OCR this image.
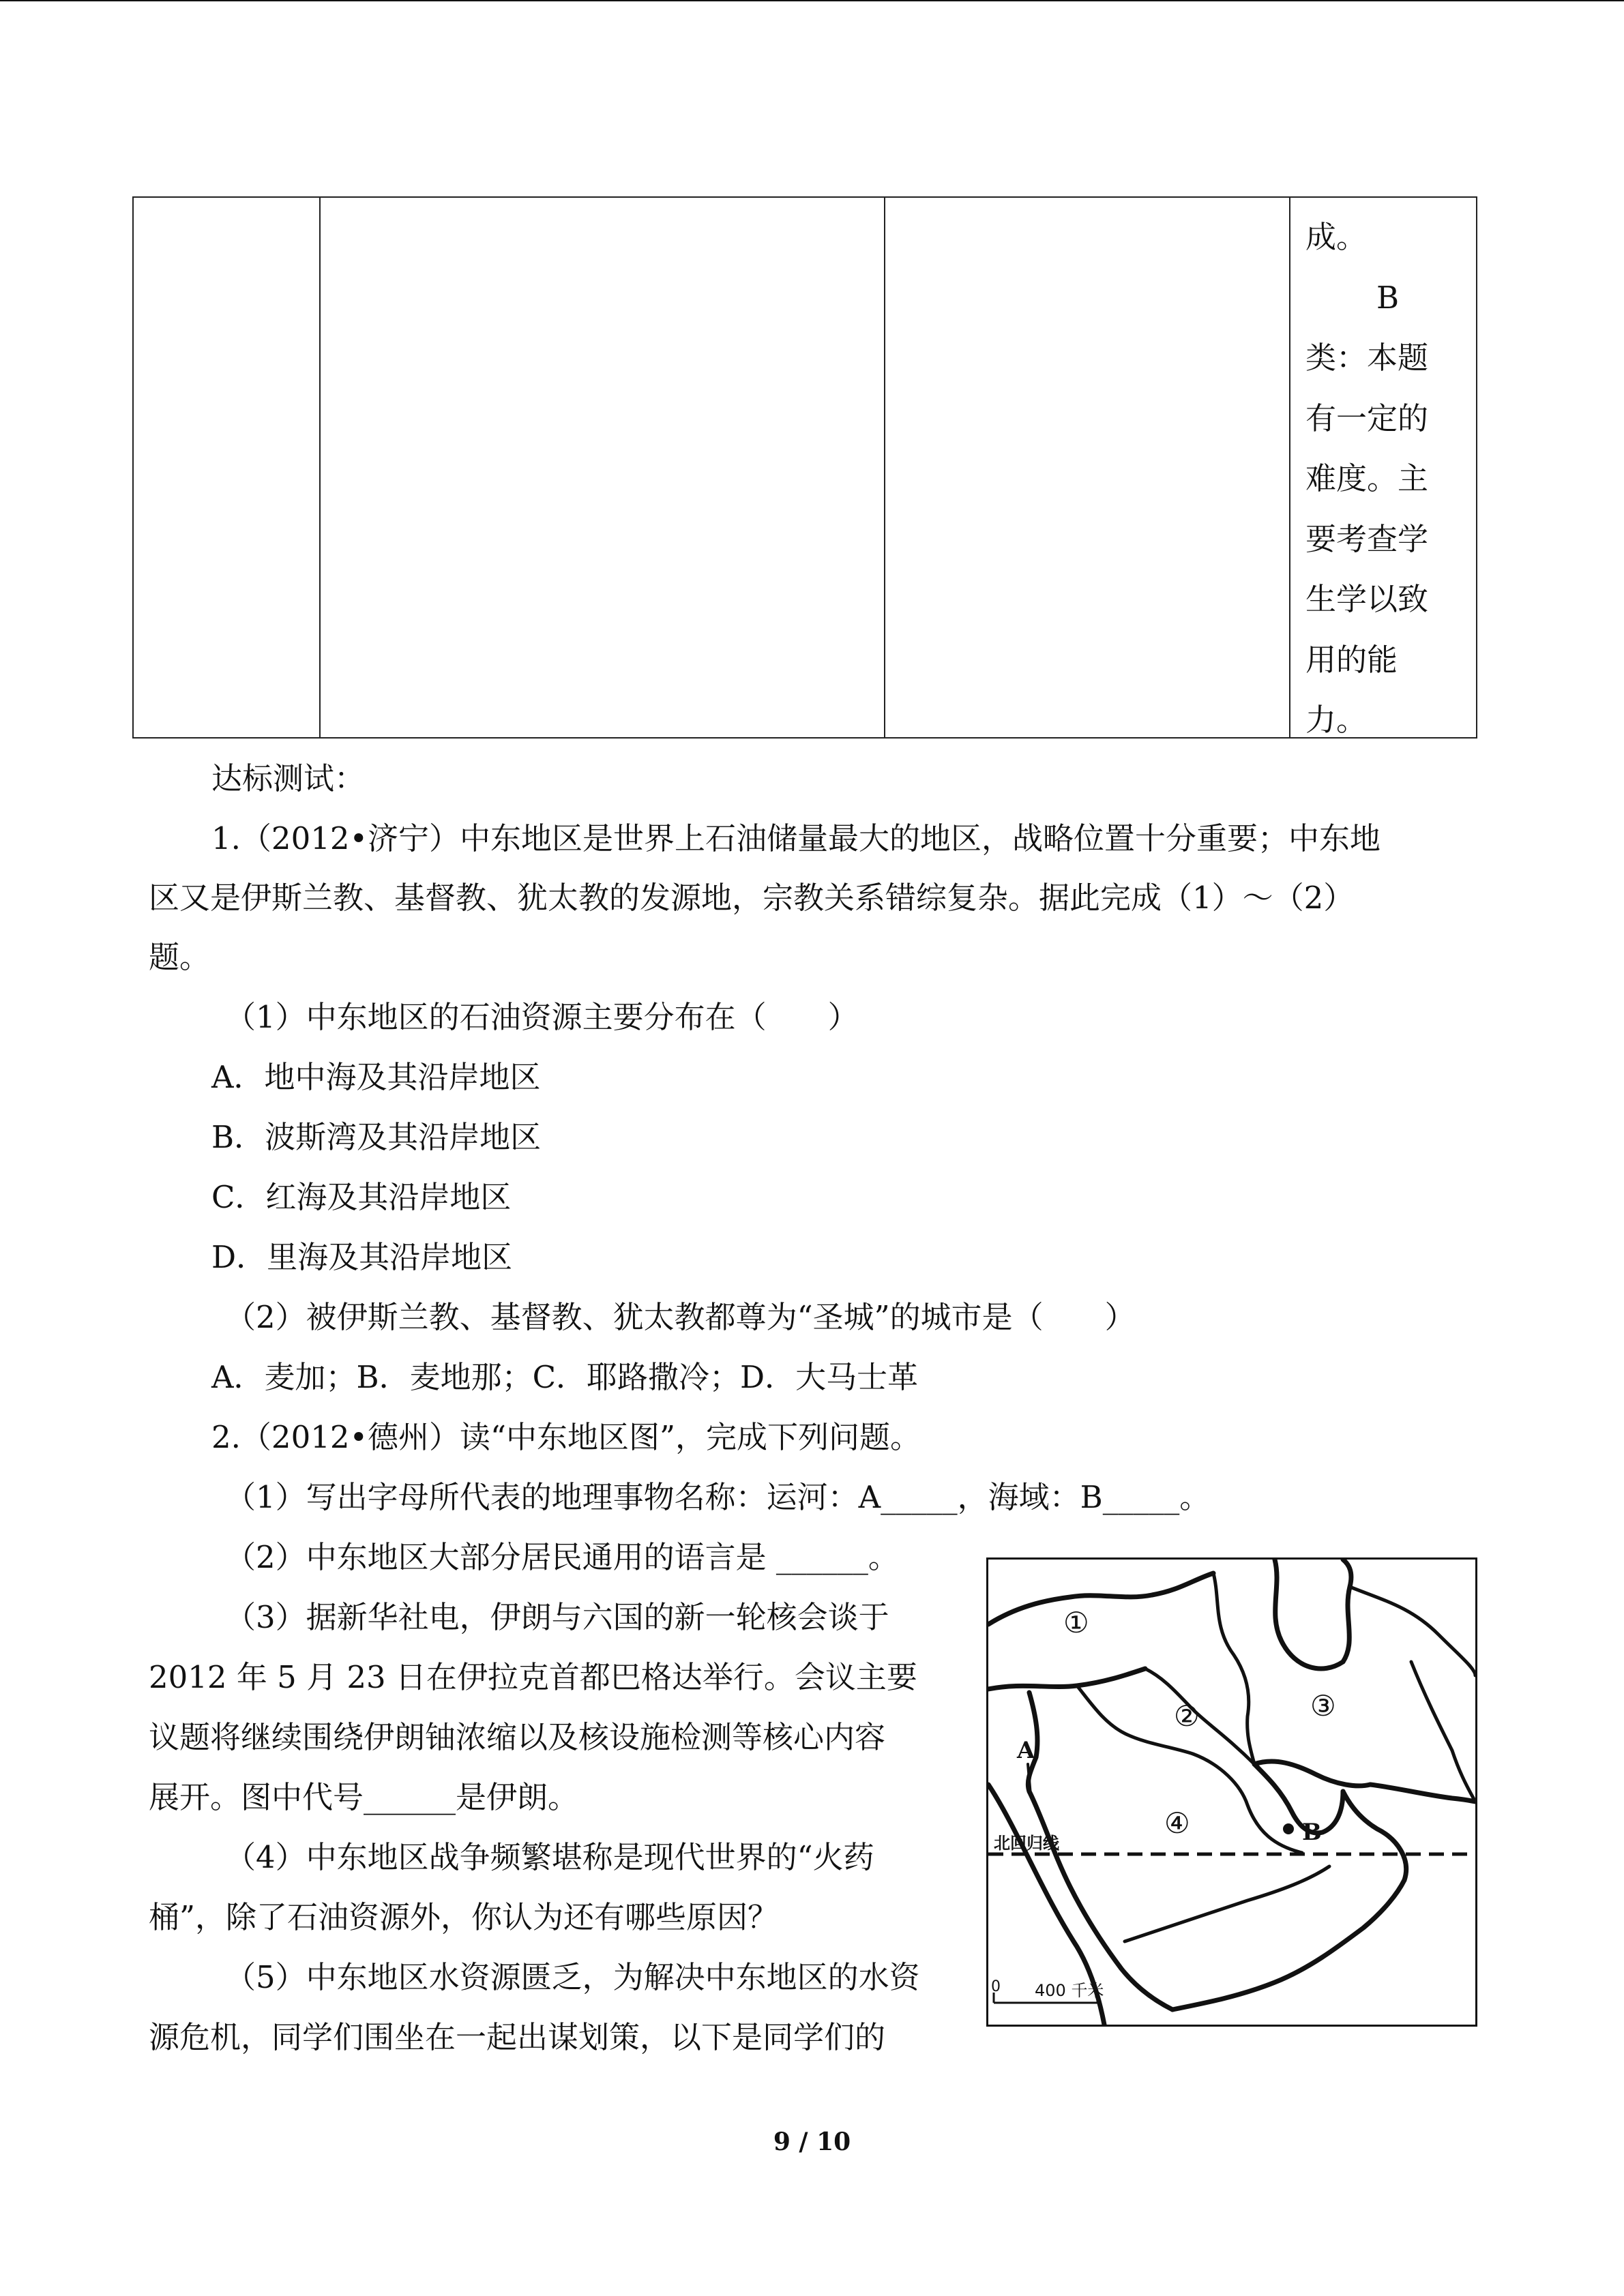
成。
B
类：本题
有一定的
难度。主
要考查学
生学以致
用的能
力。
达标测试：
1.（2012•济宁）中东地区是世界上石油储量最大的地区，战略位置十分重要；中东地
区又是伊斯兰教、基督教、犹太教的发源地，宗教关系错综复杂。据此完成（1）～（2）
题。
（1）中东地区的石油资源主要分布在（　　）
A．地中海及其沿岸地区
B．波斯湾及其沿岸地区
C．红海及其沿岸地区
D．里海及其沿岸地区
（2）被伊斯兰教、基督教、犹太教都尊为“圣城”的城市是（　　）
A．麦加；B．麦地那；C．耶路撒冷；D．大马士革
2.（2012•德州）读“中东地区图”，完成下列问题。
（1）写出字母所代表的地理事物名称：运河：A_____，海域：B_____。
（2）中东地区大部分居民通用的语言是 ______。
（3）据新华社电，伊朗与六国的新一轮核会谈于
2012 年 5 月 23 日在伊拉克首都巴格达举行。会议主要
议题将继续围绕伊朗铀浓缩以及核设施检测等核心内容
展开。图中代号______是伊朗。
（4）中东地区战争频繁堪称是现代世界的“火药
桶”，除了石油资源外，你认为还有哪些原因？
（5）中东地区水资源匮乏，为解决中东地区的水资
源危机，同学们围坐在一起出谋划策，以下是同学们的
①
②	③
④
A
B
北回归线
0 400 千米
9 / 10
